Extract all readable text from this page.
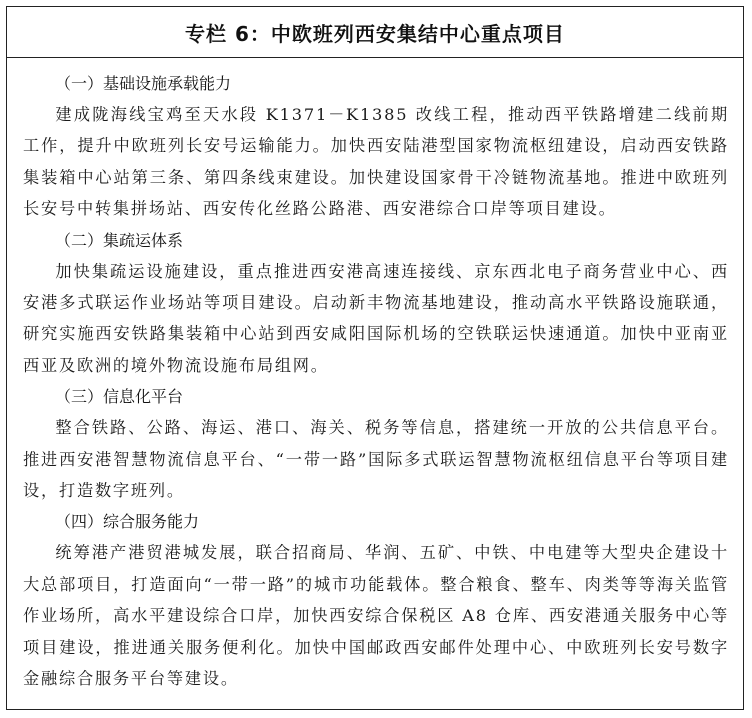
专栏 6：中欧班列西安集结中心重点项目
（一）基础设施承载能力

建成陇海线宝鸡至天水段 K1371－K1385 改线工程，推动西平铁路增建二线前期工作，提升中欧班列长安号运输能力。加快西安陆港型国家物流枢纽建设，启动西安铁路集装箱中心站第三条、第四条线束建设。加快建设国家骨干冷链物流基地。推进中欧班列长安号中转集拼场站、西安传化丝路公路港、西安港综合口岸等项目建设。

（二）集疏运体系

加快集疏运设施建设，重点推进西安港高速连接线、京东西北电子商务营业中心、西安港多式联运作业场站等项目建设。启动新丰物流基地建设，推动高水平铁路设施联通，研究实施西安铁路集装箱中心站到西安咸阳国际机场的空铁联运快速通道。加快中亚南亚西亚及欧洲的境外物流设施布局组网。

（三）信息化平台

整合铁路、公路、海运、港口、海关、税务等信息，搭建统一开放的公共信息平台。推进西安港智慧物流信息平台、“一带一路”国际多式联运智慧物流枢纽信息平台等项目建设，打造数字班列。

（四）综合服务能力

统筹港产港贸港城发展，联合招商局、华润、五矿、中铁、中电建等大型央企建设十大总部项目，打造面向“一带一路”的城市功能载体。整合粮食、整车、肉类等等海关监管作业场所，高水平建设综合口岸，加快西安综合保税区 A8 仓库、西安港通关服务中心等项目建设，推进通关服务便利化。加快中国邮政西安邮件处理中心、中欧班列长安号数字金融综合服务平台等建设。
